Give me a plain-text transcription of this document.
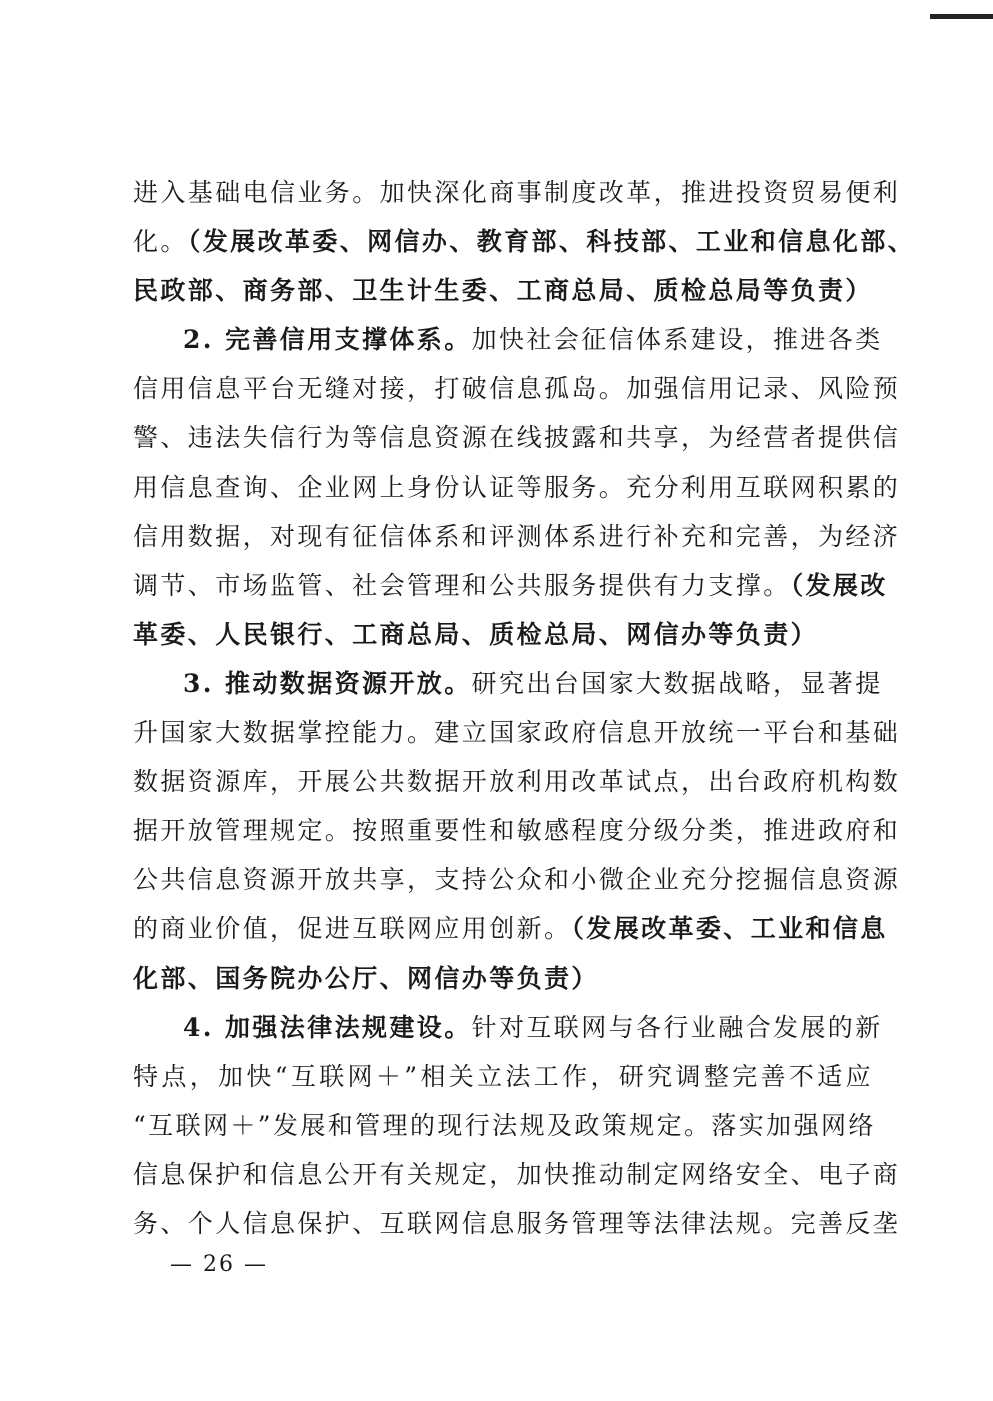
进入基础电信业务。加快深化商事制度改革，推进投资贸易便利
化。（发展改革委、网信办、教育部、科技部、工业和信息化部、
民政部、商务部、卫生计生委、工商总局、质检总局等负责）
2. 完善信用支撑体系。加快社会征信体系建设，推进各类
信用信息平台无缝对接，打破信息孤岛。加强信用记录、风险预
警、违法失信行为等信息资源在线披露和共享，为经营者提供信
用信息查询、企业网上身份认证等服务。充分利用互联网积累的
信用数据，对现有征信体系和评测体系进行补充和完善，为经济
调节、市场监管、社会管理和公共服务提供有力支撑。（发展改
革委、人民银行、工商总局、质检总局、网信办等负责）
3. 推动数据资源开放。研究出台国家大数据战略，显著提
升国家大数据掌控能力。建立国家政府信息开放统一平台和基础
数据资源库，开展公共数据开放利用改革试点，出台政府机构数
据开放管理规定。按照重要性和敏感程度分级分类，推进政府和
公共信息资源开放共享，支持公众和小微企业充分挖掘信息资源
的商业价值，促进互联网应用创新。（发展改革委、工业和信息
化部、国务院办公厅、网信办等负责）
4. 加强法律法规建设。针对互联网与各行业融合发展的新
特点，加快“互联网＋”相关立法工作，研究调整完善不适应
“互联网＋”发展和管理的现行法规及政策规定。落实加强网络
信息保护和信息公开有关规定，加快推动制定网络安全、电子商
务、个人信息保护、互联网信息服务管理等法律法规。完善反垄
— 26 —
